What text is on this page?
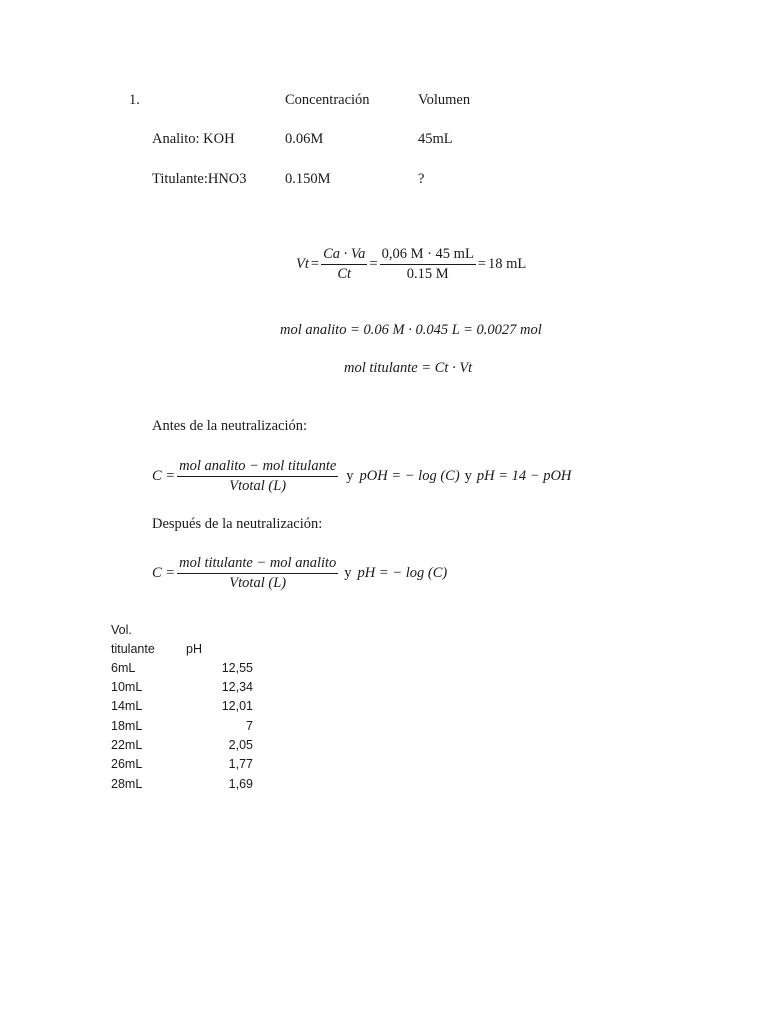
1.	Concentración	Volumen
Analito: KOH	0.06M	45mL
Titulante:HNO3	0.150M	?
$Vt = \frac{Ca \cdot Va}{Ct} = \frac{0,06 M \cdot 45 mL}{0.15 M} = 18$ mL
mol analito = 0.06 M · 0.045 L = 0.0027 mol
mol titulante = Ct · Vt
Antes de la neutralización:
$C = \frac{\text{mol analito − mol titulante}}{\text{Vtotal (L)}}$ y pOH = − log (C) y pH = 14 − pOH
Después de la neutralización:
$C = \frac{\text{mol titulante − mol analito}}{\text{Vtotal (L)}}$ y pH = − log (C)
Vol.
titulante pH
6mL	12,55
10mL	12,34
14mL	12,01
18mL	7
22mL	2,05
26mL	1,77
28mL	1,69
